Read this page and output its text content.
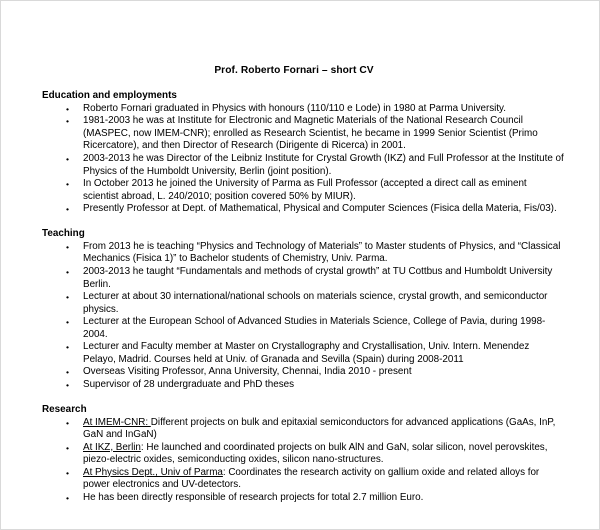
Prof. Roberto Fornari – short CV
Education and employments
• Roberto Fornari graduated in Physics with honours (110/110 e Lode) in 1980 at Parma University.
• 1981-2003 he was at Institute for Electronic and Magnetic Materials of the National Research Council (MASPEC, now IMEM-CNR); enrolled as Research Scientist, he became in 1999 Senior Scientist (Primo Ricercatore), and then Director of Research (Dirigente di Ricerca) in 2001.
• 2003-2013 he was Director of the Leibniz Institute for Crystal Growth (IKZ) and Full Professor at the Institute of Physics of the Humboldt University, Berlin (joint position).
• In October 2013 he joined the University of Parma as Full Professor (accepted a direct call as eminent scientist abroad, L. 240/2010; position covered 50% by MIUR).
• Presently Professor at Dept. of Mathematical, Physical and Computer Sciences (Fisica della Materia, Fis/03).
Teaching
• From 2013 he is teaching “Physics and Technology of Materials” to Master students of Physics, and “Classical Mechanics (Fisica 1)” to Bachelor students of Chemistry, Univ. Parma.
• 2003-2013 he taught “Fundamentals and methods of crystal growth” at TU Cottbus and Humboldt University Berlin.
• Lecturer at about 30 international/national schools on materials science, crystal growth, and semiconductor physics.
• Lecturer at the European School of Advanced Studies in Materials Science, College of Pavia, during 1998-2004.
• Lecturer and Faculty member at Master on Crystallography and Crystallisation, Univ. Intern. Menendez Pelayo, Madrid. Courses held at Univ. of Granada and Sevilla (Spain) during 2008-2011
• Overseas Visiting Professor, Anna University, Chennai, India 2010 - present
• Supervisor of 28 undergraduate and PhD theses
Research
• At IMEM-CNR: Different projects on bulk and epitaxial semiconductors for advanced applications (GaAs, InP, GaN and InGaN)
• At IKZ, Berlin: He launched and coordinated projects on bulk AlN and GaN, solar silicon, novel perovskites, piezo-electric oxides, semiconducting oxides, silicon nano-structures.
• At Physics Dept., Univ of Parma: Coordinates the research activity on gallium oxide and related alloys for power electronics and UV-detectors.
• He has been directly responsible of research projects for total 2.7 million Euro.
